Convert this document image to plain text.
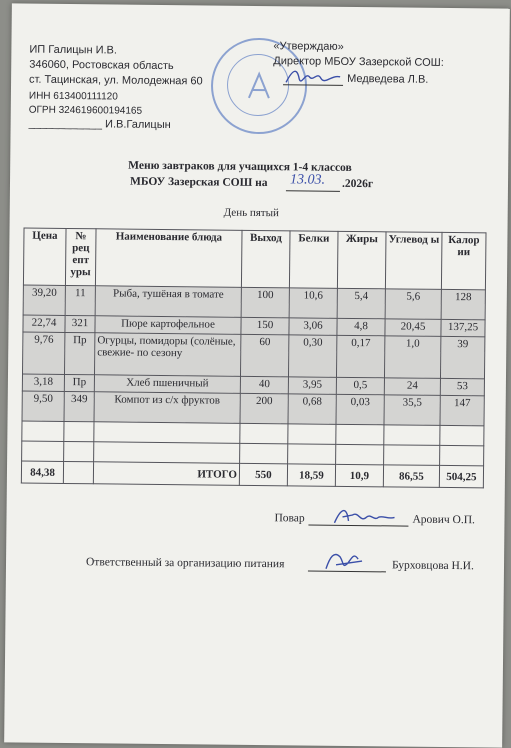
ИП Галицын И.В.
346060, Ростовская область
ст. Тацинская, ул. Молодежная 60
ИНН 613400111120
ОГРН 324619600194165
____________ И.В.Галицын
«Утверждаю»
Директор МБОУ Зазерской СОШ:
Медведева Л.В.
Меню завтраков для учащихся 1-4 классов
МБОУ Зазерская СОШ на 13.03. .2026г
День пятый
Цена	№ рец епт уры	Наименование блюда	Выход	Белки	Жиры	Углевод ы	Калор ии
39,20	11	Рыба, тушёная в томате	100	10,6	5,4	5,6	128
22,74	321	Пюре картофельное	150	3,06	4,8	20,45	137,25
9,76	Пр	Огурцы, помидоры (солёные, свежие- по сезону	60	0,30	0,17	1,0	39
3,18	Пр	Хлеб пшеничный	40	3,95	0,5	24	53
9,50	349	Компот из с/х фруктов	200	0,68	0,03	35,5	147

84,38		ИТОГО	550	18,59	10,9	86,55	504,25
Повар	Арович О.П.
Ответственный за организацию питания	Бурховцова Н.И.
